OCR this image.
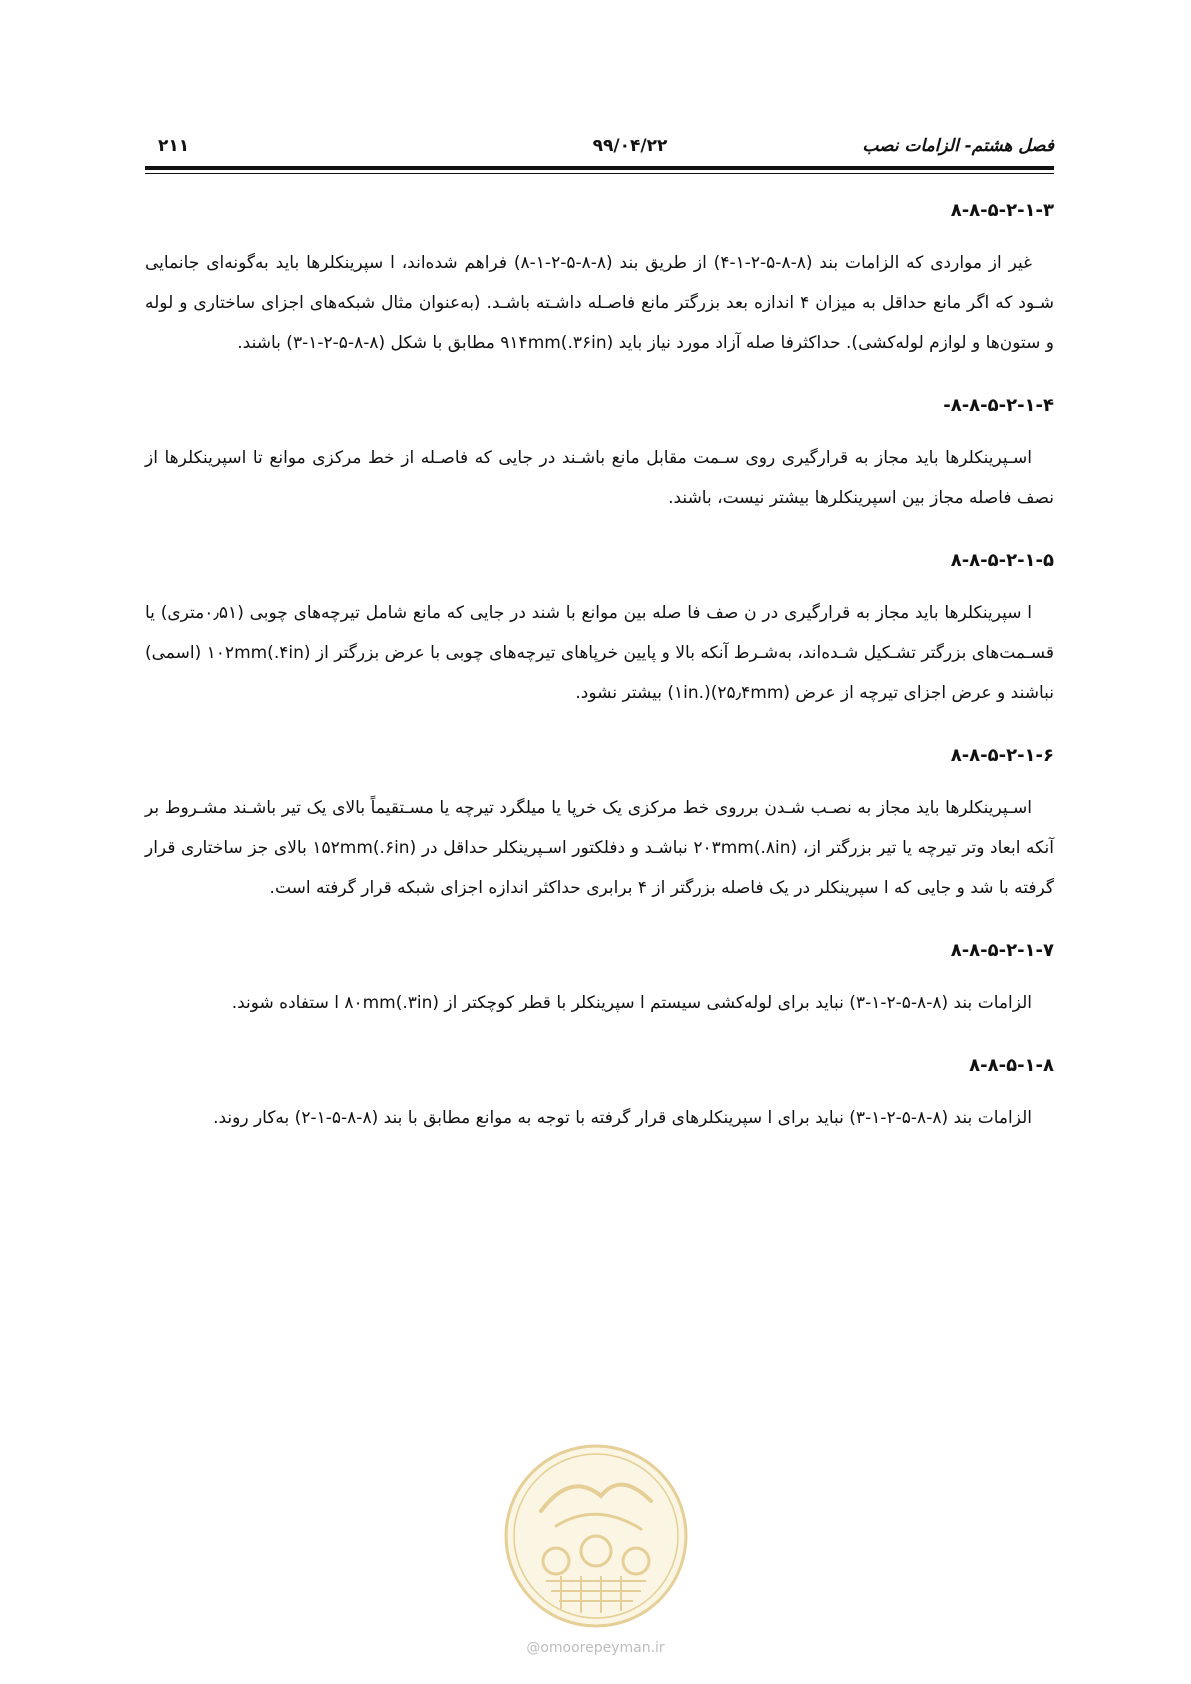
۲۱۱	۹۹/۰۴/۲۲	فصل هشتم- الزامات نصب
۸-۸-۵-۲-۱-۳

غیر از مواردی که الزامات بند (۸-۸-۵-۲-۱-۴) از طریق بند (۸-۸-۵-۲-۱-۸) فراهم شده‌اند، ا سپرینکلرها باید به‌گونه‌ای جانمایی شـود که اگر مانع حداقل به میزان ۴ اندازه بعد بزرگتر مانع فاصـله داشـته باشـد. (به‌عنوان مثال شبکه‌های اجزای ساختاری و لوله و ستون‌ها و لوازم لوله‌کشی). حداکثرفا صله آزاد مورد نیاز باید ۹۱۴mm(.۳۶in) مطابق با شکل (۸-۸-۵-۲-۱-۳) باشند.

۸-۸-۵-۲-۱-۴-

اسـپرینکلرها باید مجاز به قرارگیری روی سـمت مقابل مانع باشـند در جایی که فاصـله از خط مرکزی موانع تا اسپرینکلرها از نصف فاصله مجاز بین اسپرینکلرها بیشتر نیست، باشند.

۸-۸-۵-۲-۱-۵

ا سپرینکلرها باید مجاز به قرارگیری در ن صف فا صله بین موانع با شند در جایی که مانع شامل تیرچه‌های چوبی (۰٫۵۱متری) یا قسـمت‌های بزرگتر تشـکیل شـده‌اند، به‌شـرط آنکه بالا و پایین خرپاهای تیرچه‌های چوبی با عرض بزرگتر از ۱۰۲mm(.۴in) (اسمی) نباشند و عرض اجزای تیرچه از عرض (۲۵٫۴mm)(.۱in) بیشتر نشود.

۸-۸-۵-۲-۱-۶

اسـپرینکلرها باید مجاز به نصـب شـدن برروی خط مرکزی یک خرپا یا میلگرد تیرچه یا مسـتقیماً بالای یک تیر باشـند مشـروط بر آنکه ابعاد وتر تیرچه یا تیر بزرگتر از، ۲۰۳mm(.۸in) نباشـد و دفلکتور اسـپرینکلر حداقل در ۱۵۲mm(.۶in) بالای جز ساختاری قرار گرفته با شد و جایی که ا سپرینکلر در یک فاصله بزرگتر از ۴ برابری حداکثر اندازه اجزای شبکه قرار گرفته است.

۸-۸-۵-۲-۱-۷

الزامات بند (۸-۸-۵-۲-۱-۳) نباید برای لوله‌کشی سیستم ا سپرینکلر با قطر کوچکتر از ۸۰mm(.۳in) ا ستفاده شوند.

۸-۸-۵-۱-۸

الزامات بند (۸-۸-۵-۲-۱-۳) نباید برای ا سپرینکلرهای قرار گرفته با توجه به موانع مطابق با بند (۸-۸-۵-۱-۲) به‌کار روند.

@omoorepeyman.ir
